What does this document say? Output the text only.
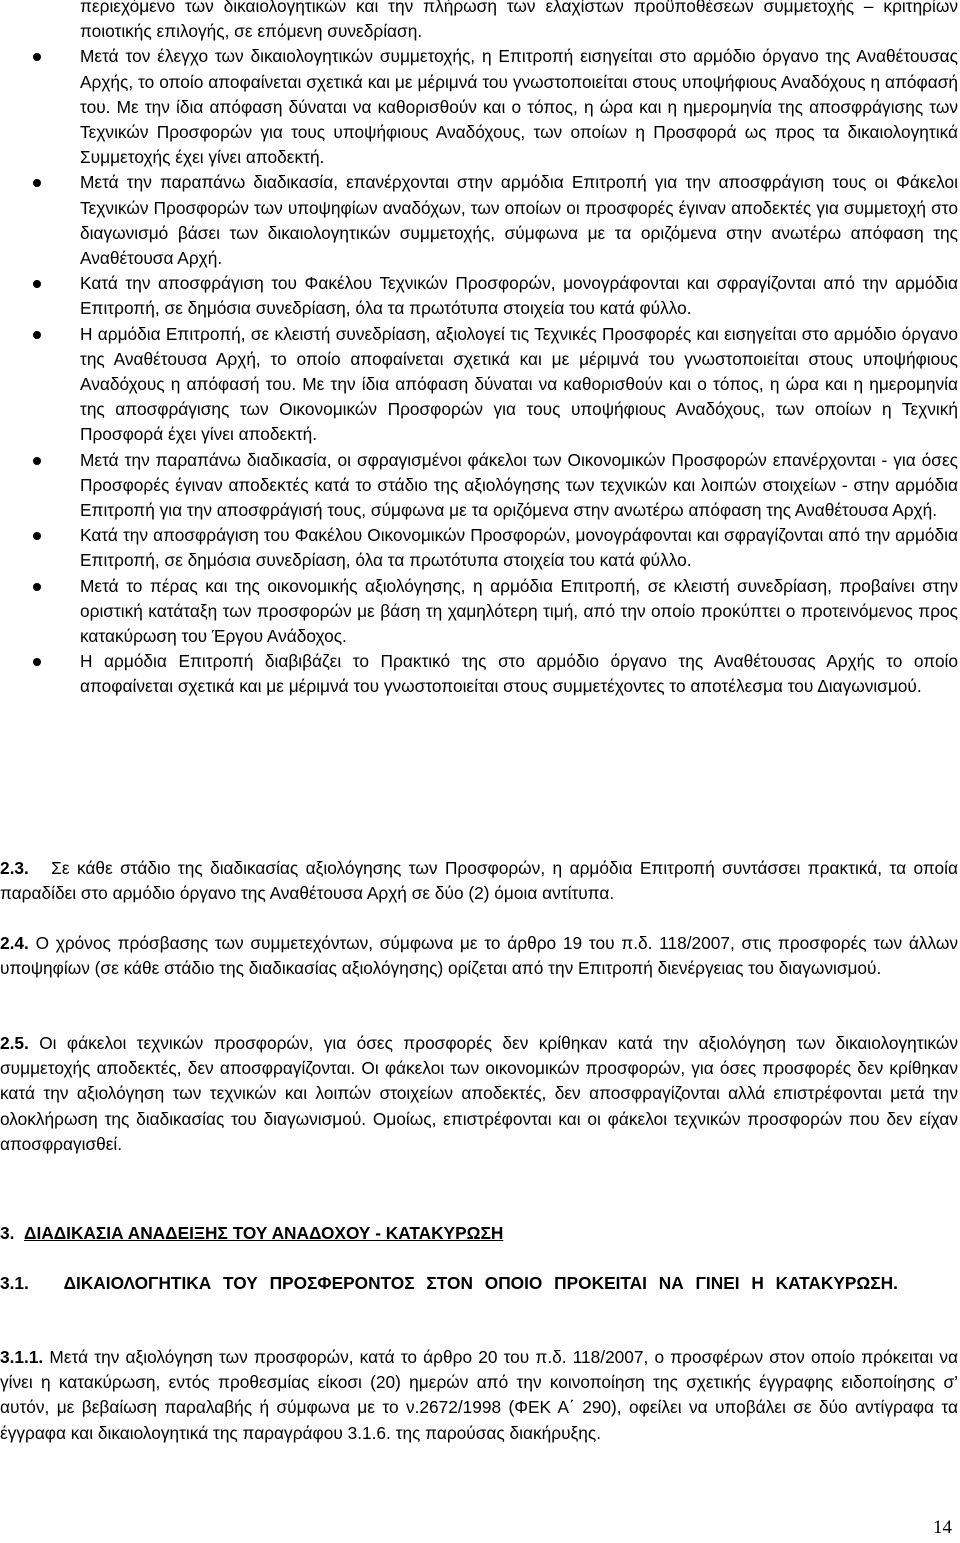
περιεχόμενο των δικαιολογητικών και την πλήρωση των ελαχίστων προϋποθέσεων συμμετοχής – κριτηρίων ποιοτικής επιλογής, σε επόμενη συνεδρίαση.
Μετά τον έλεγχο των δικαιολογητικών συμμετοχής, η Επιτροπή εισηγείται στο αρμόδιο όργανο της Αναθέτουσας Αρχής, το οποίο αποφαίνεται σχετικά και με μέριμνά του γνωστοποιείται στους υποψήφιους Αναδόχους η απόφασή του. Με την ίδια απόφαση δύναται να καθορισθούν και ο τόπος, η ώρα και η ημερομηνία της αποσφράγισης των Τεχνικών Προσφορών για τους υποψήφιους Αναδόχους, των οποίων η Προσφορά ως προς τα δικαιολογητικά Συμμετοχής έχει γίνει αποδεκτή.
Μετά την παραπάνω διαδικασία, επανέρχονται στην αρμόδια Επιτροπή για την αποσφράγιση τους οι Φάκελοι Τεχνικών Προσφορών των υποψηφίων αναδόχων, των οποίων οι προσφορές έγιναν αποδεκτές για συμμετοχή στο διαγωνισμό βάσει των δικαιολογητικών συμμετοχής, σύμφωνα με τα οριζόμενα στην ανωτέρω απόφαση της Αναθέτουσα Αρχή.
Κατά την αποσφράγιση του Φακέλου Τεχνικών Προσφορών, μονογράφονται και σφραγίζονται από την αρμόδια Επιτροπή, σε δημόσια συνεδρίαση, όλα τα πρωτότυπα στοιχεία του κατά φύλλο.
Η αρμόδια Επιτροπή, σε κλειστή συνεδρίαση, αξιολογεί τις Τεχνικές Προσφορές και εισηγείται στο αρμόδιο όργανο της Αναθέτουσα Αρχή, το οποίο αποφαίνεται σχετικά και με μέριμνά του γνωστοποιείται στους υποψήφιους Αναδόχους η απόφασή του. Με την ίδια απόφαση δύναται να καθορισθούν και ο τόπος, η ώρα και η ημερομηνία της αποσφράγισης των Οικονομικών Προσφορών για τους υποψήφιους Αναδόχους, των οποίων η Τεχνική Προσφορά έχει γίνει αποδεκτή.
Μετά την παραπάνω διαδικασία, οι σφραγισμένοι φάκελοι των Οικονομικών Προσφορών επανέρχονται - για όσες Προσφορές έγιναν αποδεκτές κατά το στάδιο της αξιολόγησης των τεχνικών και λοιπών στοιχείων - στην αρμόδια Επιτροπή για την αποσφράγισή τους, σύμφωνα με τα οριζόμενα στην ανωτέρω απόφαση της Αναθέτουσα Αρχή.
Κατά την αποσφράγιση του Φακέλου Οικονομικών Προσφορών, μονογράφονται και σφραγίζονται από την αρμόδια Επιτροπή, σε δημόσια συνεδρίαση, όλα τα πρωτότυπα στοιχεία του κατά φύλλο.
Μετά το πέρας και της οικονομικής αξιολόγησης, η αρμόδια Επιτροπή, σε κλειστή συνεδρίαση, προβαίνει στην οριστική κατάταξη των προσφορών με βάση τη χαμηλότερη τιμή, από την οποίο προκύπτει ο προτεινόμενος προς κατακύρωση του Έργου Ανάδοχος.
Η αρμόδια Επιτροπή διαβιβάζει το Πρακτικό της στο αρμόδιο όργανο της Αναθέτουσας Αρχής το οποίο αποφαίνεται σχετικά και με μέριμνά του γνωστοποιείται στους συμμετέχοντες το αποτέλεσμα του Διαγωνισμού.

2.3. Σε κάθε στάδιο της διαδικασίας αξιολόγησης των Προσφορών, η αρμόδια Επιτροπή συντάσσει πρακτικά, τα οποία παραδίδει στο αρμόδιο όργανο της Αναθέτουσα Αρχή σε δύο (2) όμοια αντίτυπα.

2.4. Ο χρόνος πρόσβασης των συμμετεχόντων, σύμφωνα με το άρθρο 19 του π.δ. 118/2007, στις προσφορές των άλλων υποψηφίων (σε κάθε στάδιο της διαδικασίας αξιολόγησης) ορίζεται από την Επιτροπή διενέργειας του διαγωνισμού.

2.5. Οι φάκελοι τεχνικών προσφορών, για όσες προσφορές δεν κρίθηκαν κατά την αξιολόγηση των δικαιολογητικών συμμετοχής αποδεκτές, δεν αποσφραγίζονται. Οι φάκελοι των οικονομικών προσφορών, για όσες προσφορές δεν κρίθηκαν κατά την αξιολόγηση των τεχνικών και λοιπών στοιχείων αποδεκτές, δεν αποσφραγίζονται αλλά επιστρέφονται μετά την ολοκλήρωση της διαδικασίας του διαγωνισμού. Ομοίως, επιστρέφονται και οι φάκελοι τεχνικών προσφορών που δεν είχαν αποσφραγισθεί.

3. ΔΙΑΔΙΚΑΣΙΑ ΑΝΑΔΕΙΞΗΣ ΤΟΥ ΑΝΑΔΟΧΟΥ - ΚΑΤΑΚΥΡΩΣΗ

3.1. ΔΙΚΑΙΟΛΟΓΗΤΙΚΑ ΤΟΥ ΠΡΟΣΦΕΡΟΝΤΟΣ ΣΤΟΝ ΟΠΟΙΟ ΠΡΟΚΕΙΤΑΙ ΝΑ ΓΙΝΕΙ Η ΚΑΤΑΚΥΡΩΣΗ.

3.1.1. Μετά την αξιολόγηση των προσφορών, κατά το άρθρο 20 του π.δ. 118/2007, ο προσφέρων στον οποίο πρόκειται να γίνει η κατακύρωση, εντός προθεσμίας είκοσι (20) ημερών από την κοινοποίηση της σχετικής έγγραφης ειδοποίησης σ’ αυτόν, με βεβαίωση παραλαβής ή σύμφωνα με το ν.2672/1998 (ΦΕΚ Α΄ 290), οφείλει να υποβάλει σε δύο αντίγραφα τα έγγραφα και δικαιολογητικά της παραγράφου 3.1.6. της παρούσας διακήρυξης.

14
